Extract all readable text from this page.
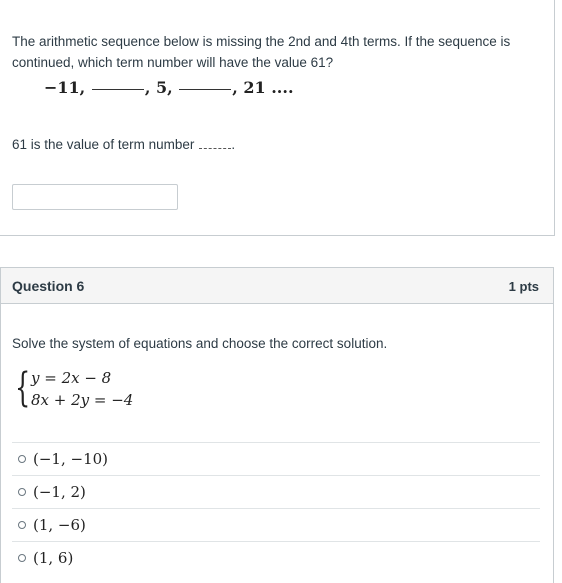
The arithmetic sequence below is missing the 2nd and 4th terms. If the sequence is continued, which term number will have the value 61?
−11,	, 5,	, 21 ....
61 is the value of term number	.
Question 6	1 pts
Solve the system of equations and choose the correct solution.
{ y = 2x − 8
8x + 2y = −4
(−1, −10)
(−1, 2)
(1, −6)
(1, 6)
